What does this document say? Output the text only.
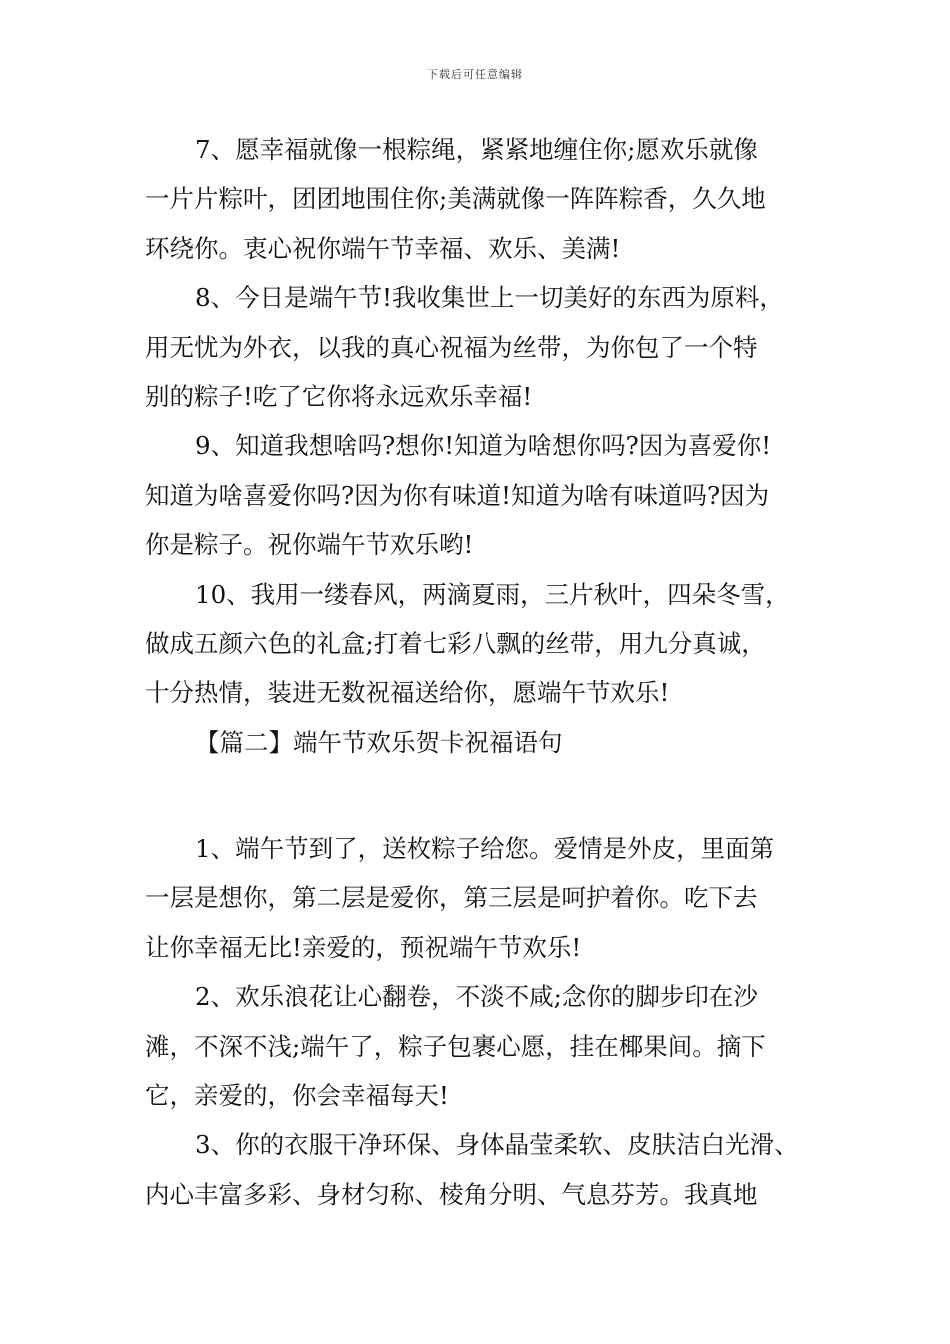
下载后可任意编辑
7、愿幸福就像一根粽绳，紧紧地缠住你;愿欢乐就像
一片片粽叶，团团地围住你;美满就像一阵阵粽香，久久地
环绕你。衷心祝你端午节幸福、欢乐、美满!
8、今日是端午节!我收集世上一切美好的东西为原料，
用无忧为外衣，以我的真心祝福为丝带，为你包了一个特
别的粽子!吃了它你将永远欢乐幸福!
9、知道我想啥吗?想你!知道为啥想你吗?因为喜爱你!
知道为啥喜爱你吗?因为你有味道!知道为啥有味道吗?因为
你是粽子。祝你端午节欢乐哟!
10、我用一缕春风，两滴夏雨，三片秋叶，四朵冬雪，
做成五颜六色的礼盒;打着七彩八飘的丝带，用九分真诚，
十分热情，装进无数祝福送给你，愿端午节欢乐!
【篇二】端午节欢乐贺卡祝福语句
1、端午节到了，送枚粽子给您。爱情是外皮，里面第
一层是想你，第二层是爱你，第三层是呵护着你。吃下去
让你幸福无比!亲爱的，预祝端午节欢乐!
2、欢乐浪花让心翻卷，不淡不咸;念你的脚步印在沙
滩，不深不浅;端午了，粽子包裹心愿，挂在椰果间。摘下
它，亲爱的，你会幸福每天!
3、你的衣服干净环保、身体晶莹柔软、皮肤洁白光滑、
内心丰富多彩、身材匀称、棱角分明、气息芬芳。我真地
